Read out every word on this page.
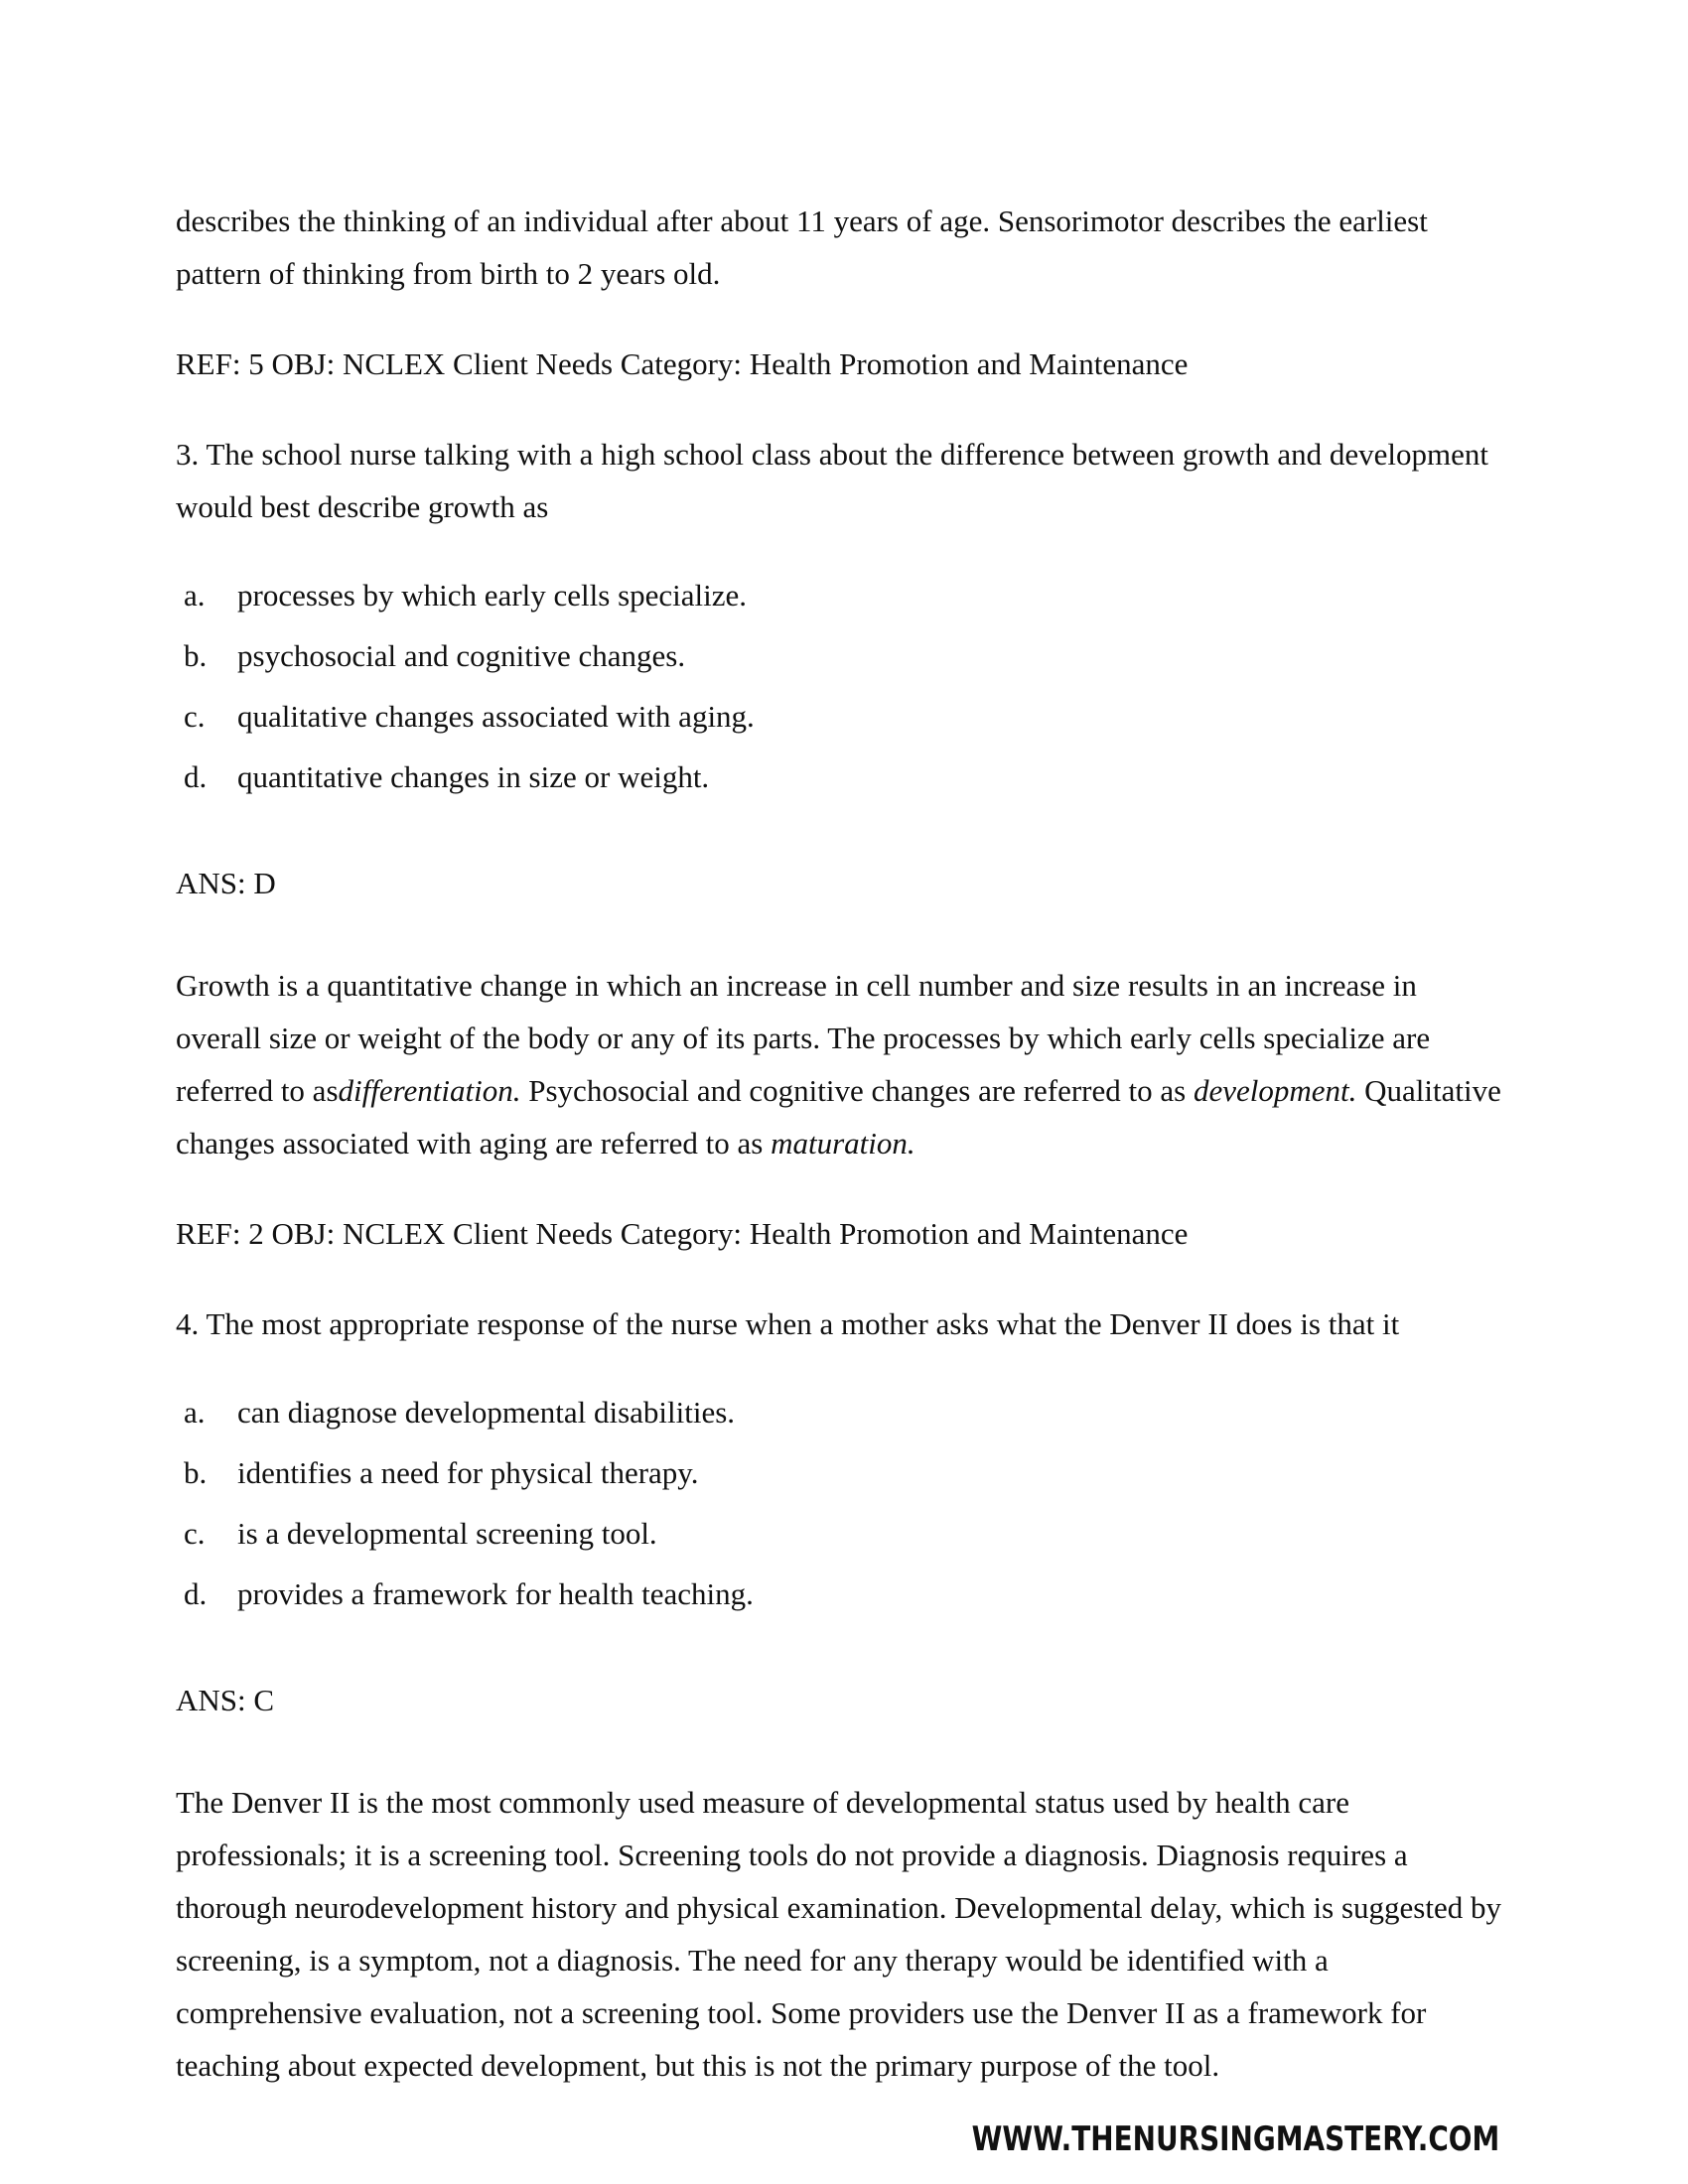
describes the thinking of an individual after about 11 years of age. Sensorimotor describes the earliest pattern of thinking from birth to 2 years old.

REF: 5 OBJ: NCLEX Client Needs Category: Health Promotion and Maintenance

3. The school nurse talking with a high school class about the difference between growth and development would best describe growth as

a.	processes by which early cells specialize.
b. psychosocial and cognitive changes.
c.	qualitative changes associated with aging.
d. quantitative changes in size or weight.

ANS: D

Growth is a quantitative change in which an increase in cell number and size results in an increase in overall size or weight of the body or any of its parts. The processes by which early cells specialize are referred to asdifferentiation. Psychosocial and cognitive changes are referred to as development. Qualitative changes associated with aging are referred to as maturation.

REF: 2 OBJ: NCLEX Client Needs Category: Health Promotion and Maintenance

4. The most appropriate response of the nurse when a mother asks what the Denver II does is that it

a.	can diagnose developmental disabilities.
b. identifies a need for physical therapy.
c.	is a developmental screening tool.
d. provides a framework for health teaching.

ANS: C

The Denver II is the most commonly used measure of developmental status used by health care professionals; it is a screening tool. Screening tools do not provide a diagnosis. Diagnosis requires a thorough neurodevelopment history and physical examination. Developmental delay, which is suggested by screening, is a symptom, not a diagnosis. The need for any therapy would be identified with a comprehensive evaluation, not a screening tool. Some providers use the Denver II as a framework for teaching about expected development, but this is not the primary purpose of the tool.

WWW.THENURSINGMASTERY.COM
